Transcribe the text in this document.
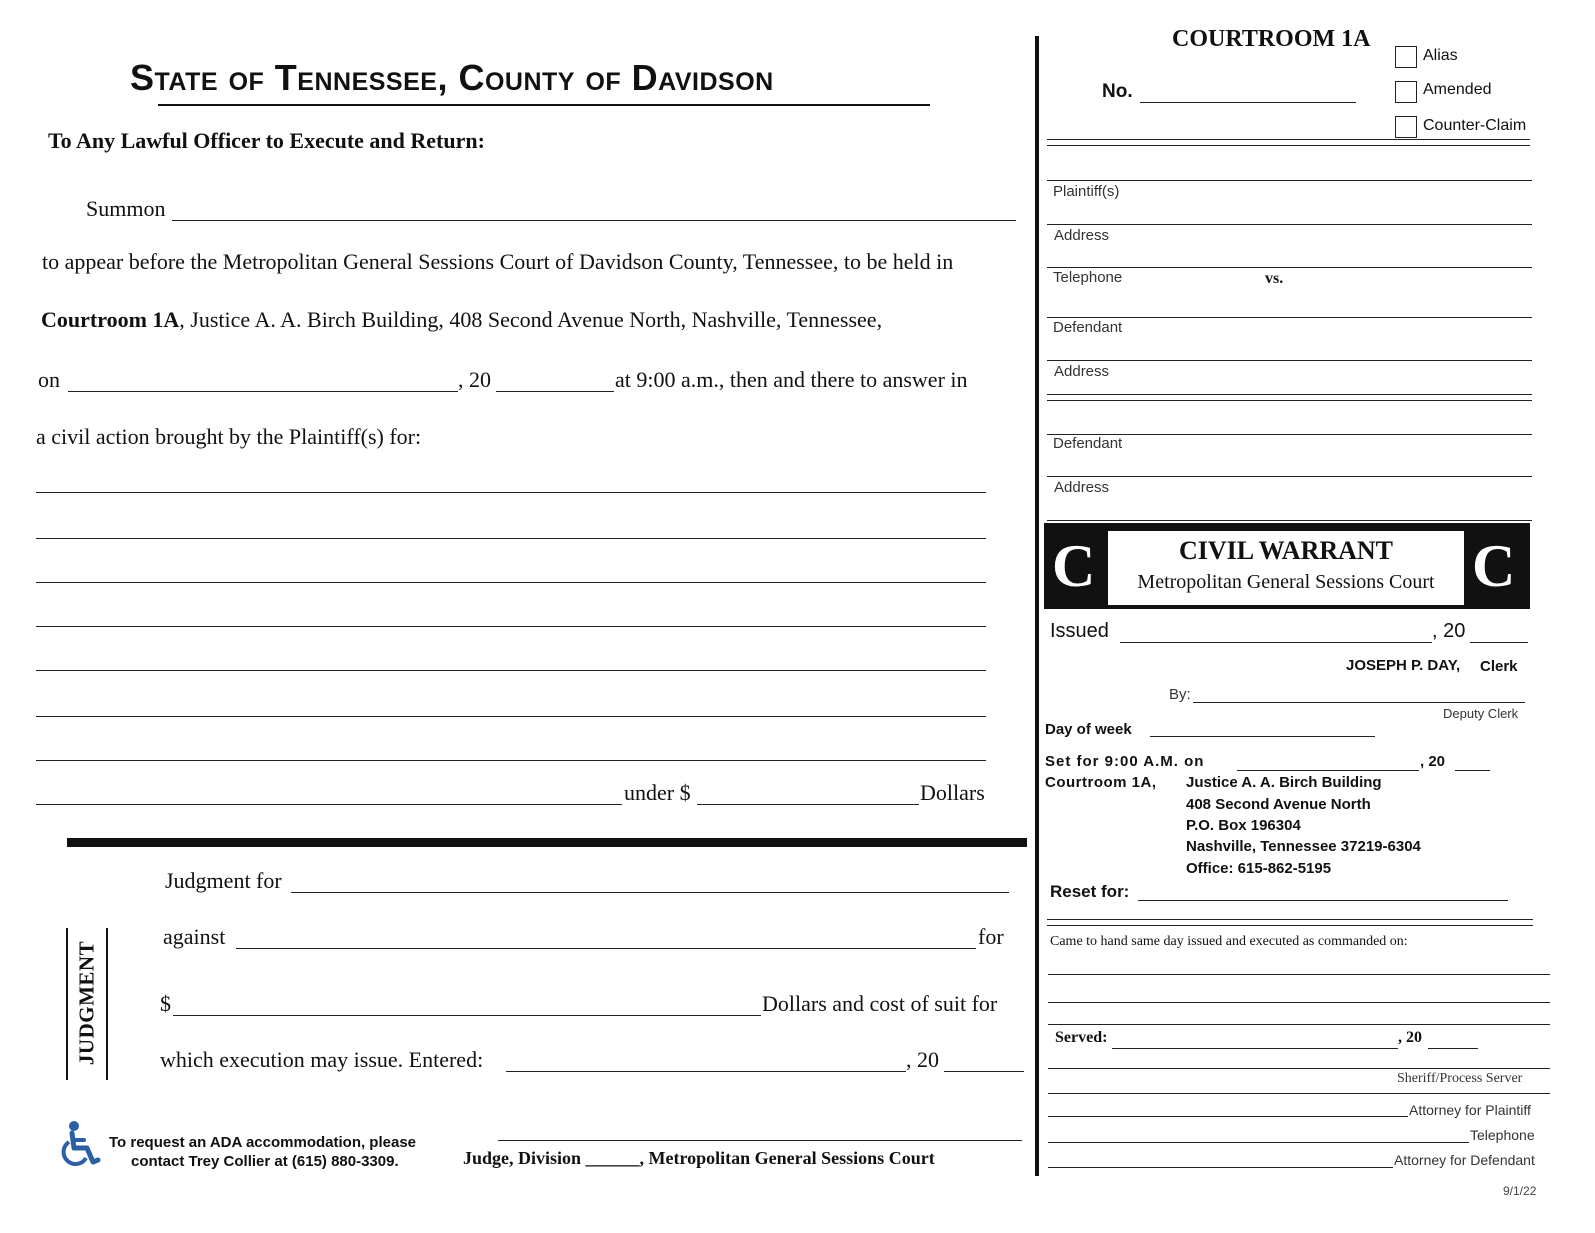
State of Tennessee, County of Davidson
To Any Lawful Officer to Execute and Return:
Summon
to appear before the Metropolitan General Sessions Court of Davidson County, Tennessee, to be held in
Courtroom 1A, Justice A. A. Birch Building, 408 Second Avenue North, Nashville, Tennessee,
on	, 20	at 9:00 a.m., then and there to answer in
a civil action brought by the Plaintiff(s) for:
under $	Dollars
JUDGMENT
Judgment for
against	for
$	Dollars and cost of suit for
which execution may issue. Entered:	, 20
Judge, Division ______, Metropolitan General Sessions Court
To request an ADA accommodation, please
contact Trey Collier at (615) 880-3309.
COURTROOM 1A
No.
Alias
Amended
Counter-Claim
Plaintiff(s)
Address
Telephone	vs.
Defendant
Address
Defendant
Address
C	C
CIVIL WARRANT
Metropolitan General Sessions Court
Issued	, 20
JOSEPH P. DAY, Clerk
By:
Deputy Clerk
Day of week
Set for 9:00 A.M. on	, 20
Courtroom 1A, Justice A. A. Birch Building
408 Second Avenue North
P.O. Box 196304
Nashville, Tennessee 37219-6304
Office: 615-862-5195
Reset for:
Came to hand same day issued and executed as commanded on:
Served:	, 20
Sheriff/Process Server
Attorney for Plaintiff
Telephone
Attorney for Defendant
9/1/22
